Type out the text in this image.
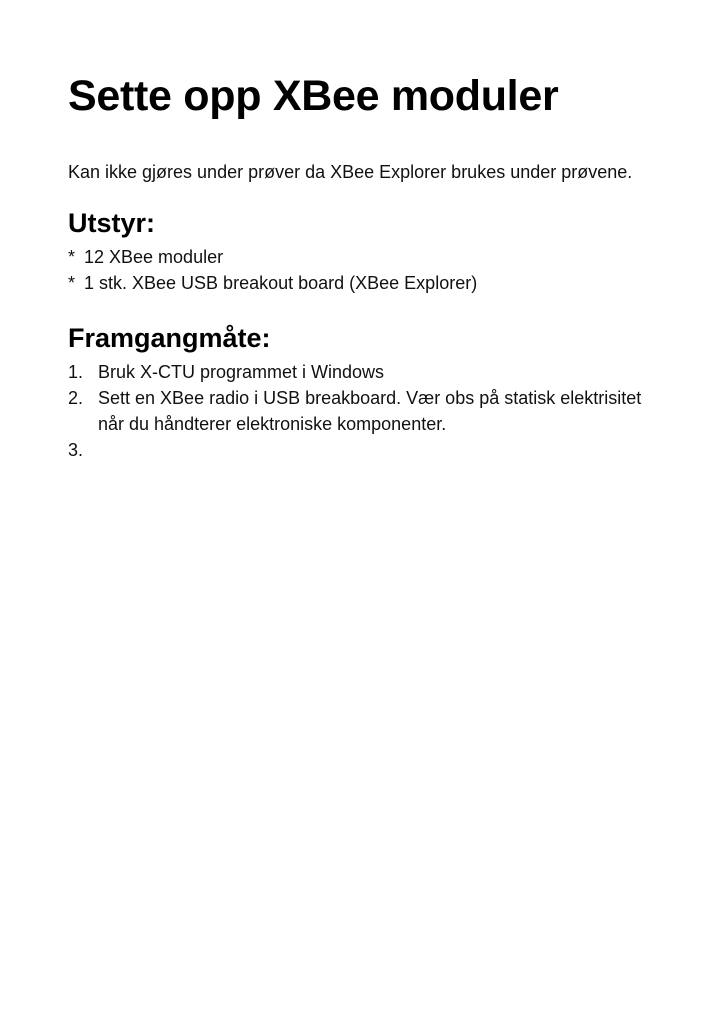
Sette opp XBee moduler

Kan ikke gjøres under prøver da XBee Explorer brukes under prøvene.

Utstyr:
* 12 XBee moduler
* 1 stk. XBee USB breakout board (XBee Explorer)
Framgangmåte:
1. Bruk X-CTU programmet i Windows
2. Sett en XBee radio i USB breakboard. Vær obs på statisk elektrisitet når du håndterer elektroniske komponenter.
3.
